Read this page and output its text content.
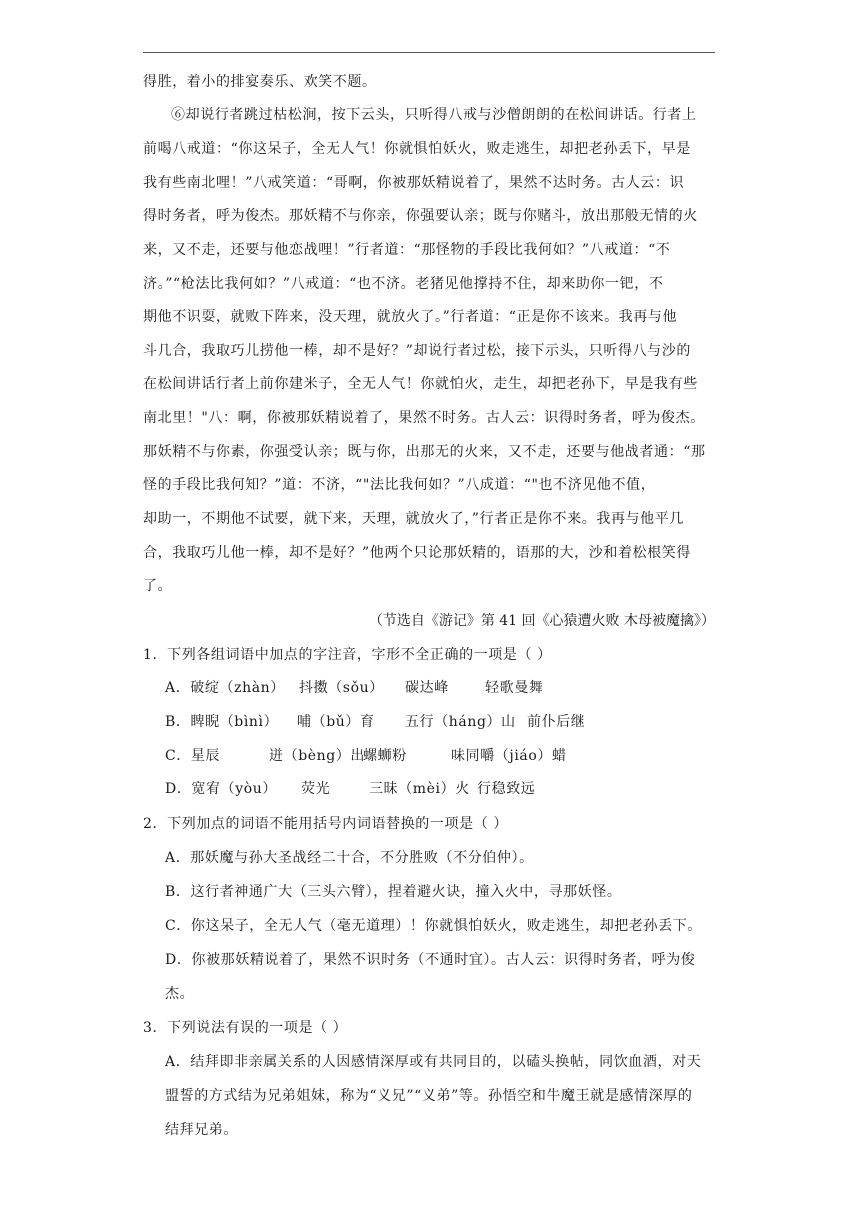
得胜，着小的排宴奏乐、欢笑不题。
⑥却说行者跳过枯松涧，按下云头，只听得八戒与沙僧朗朗的在松间讲话。行者上
前喝八戒道：“你这呆子，全无人气！你就惧怕妖火，败走逃生，却把老孙丢下，早是
我有些南北哩！”八戒笑道：“哥啊，你被那妖精说着了，果然不达时务。古人云：识
得时务者，呼为俊杰。那妖精不与你亲，你强要认亲；既与你赌斗，放出那般无情的火
来，又不走，还要与他恋战哩！”行者道：“那怪物的手段比我何如？”八戒道：“不
济。”“枪法比我何如？”八戒道：“也不济。老猪见他撑持不住，却来助你一钯，不
期他不识耍，就败下阵来，没天理，就放火了。”行者道：“正是你不该来。我再与他
斗几合，我取巧儿捞他一棒，却不是好？”却说行者过松，接下示头，只听得八与沙的
在松间讲话行者上前你建米子，全无人气！你就怕火，走生，却把老孙下，早是我有些
南北里！"八：啊，你被那妖精说着了，果然不时务。古人云：识得时务者，呼为俊杰。
那妖精不与你素，你强受认亲；既与你，出那无的火来，又不走，还要与他战者通：“那
怪的手段比我何知？”道：不济，“"法比我何如？”八成道：“"也不济见他不值，
却助一，不期他不试要，就下来，天理，就放火了，”行者正是你不来。我再与他平几
合，我取巧儿他一棒，却不是好？”他两个只论那妖精的，语那的大，沙和着松根笑得
了。
（节选自《游记》第 41 回《心猿遭火败 木母被魔擒》）
1．下列各组词语中加点的字注音，字形不全正确的一项是（ ）
A．破绽（zhàn） 抖擞（sǒu） 碳达峰	轻歌曼舞
B．睥睨（bìnì） 哺（bǔ）育 五行（háng）山 前仆后继
C．星辰	迸（bèng）出螺蛳粉	味同嚼（jiáo）蜡
D．宽宥（yòu） 荧光	三昧（mèi）火 行稳致远
2．下列加点的词语不能用括号内词语替换的一项是（ ）
A．那妖魔与孙大圣战经二十合，不分胜败（不分伯仲）。
B．这行者神通广大（三头六臂），捏着避火诀，撞入火中，寻那妖怪。
C．你这呆子，全无人气（毫无道理）！你就惧怕妖火，败走逃生，却把老孙丢下。
D．你被那妖精说着了，果然不识时务（不通时宜）。古人云：识得时务者，呼为俊
杰。
3．下列说法有误的一项是（ ）
A．结拜即非亲属关系的人因感情深厚或有共同目的，以磕头换帖，同饮血酒，对天
盟誓的方式结为兄弟姐妹，称为“义兄”“义弟”等。孙悟空和牛魔王就是感情深厚的
结拜兄弟。
